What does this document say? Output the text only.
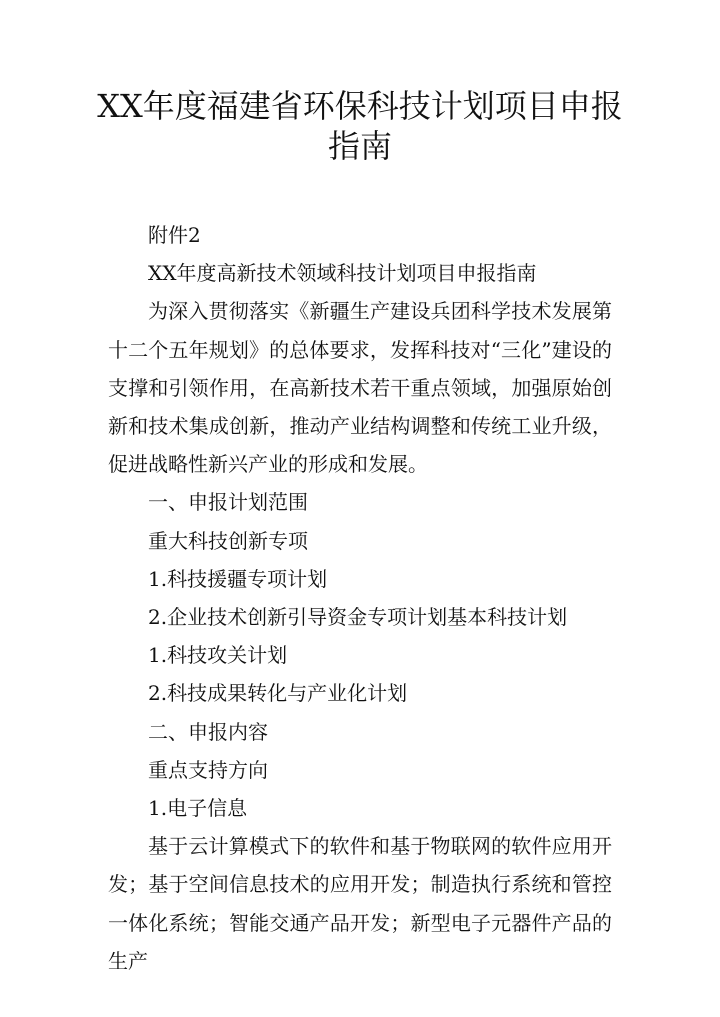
XX年度福建省环保科技计划项目申报指南

附件2

XX年度高新技术领域科技计划项目申报指南

为深入贯彻落实《新疆生产建设兵团科学技术发展第十二个五年规划》的总体要求，发挥科技对“三化”建设的支撑和引领作用，在高新技术若干重点领域，加强原始创新和技术集成创新，推动产业结构调整和传统工业升级，促进战略性新兴产业的形成和发展。

一、申报计划范围

重大科技创新专项

1.科技援疆专项计划

2.企业技术创新引导资金专项计划基本科技计划

1.科技攻关计划

2.科技成果转化与产业化计划

二、申报内容

重点支持方向

1.电子信息

基于云计算模式下的软件和基于物联网的软件应用开发；基于空间信息技术的应用开发；制造执行系统和管控一体化系统；智能交通产品开发；新型电子元器件产品的生产
